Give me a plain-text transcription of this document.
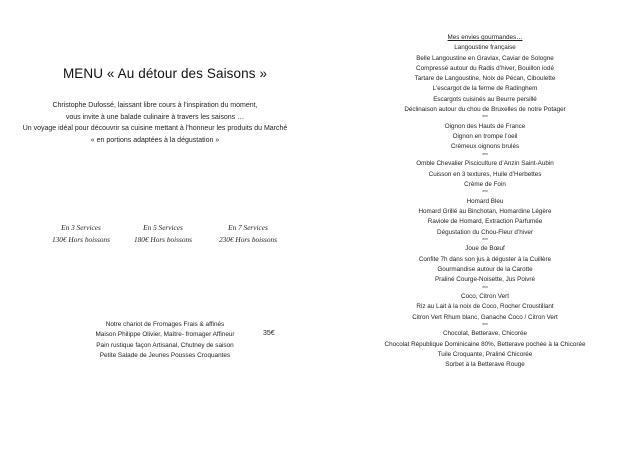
MENU « Au détour des Saisons »
Christophe Dufossé, laissant libre cours à l’inspiration du moment,
vous invite à une balade culinaire à travers les saisons …
Un voyage idéal pour découvrir sa cuisine mettant à l’honneur les produits du Marché
« en portions adaptées à la dégustation »
En 3 Services
130€ Hors boissons
En 5 Services
180€ Hors boissons
En 7 Services
230€ Hors boissons
Notre chariot de Fromages Frais & affinés
Maison Philippe Olivier, Maître- fromager Affineur
Pain rustique façon Artisanal, Chutney de saison
Petite Salade de Jeunes Pousses Croquantes
35€
Mes envies gourmandes…
Langoustine française
Belle Langoustine en Gravlax, Caviar de Sologne
Compressé autour du Radis d’hiver, Bouillon iodé
Tartare de Langoustine, Noix de Pécan, Ciboulette
L’escargot de la ferme de Radinghem
Escargots cuisinés au Beurre persillé
Déclinaison autour du chou de Bruxelles de notre Potager
***
Oignon des Hauts de France
Oignon en trompe l’oeil
Crémeux oignons brulés
***
Omble Chevalier Pisciculture d’Anzin Saint-Aubin
Cuisson en 3 textures, Huile d’Herbettes
Crème de Foin
***
Homard Bleu
Homard Grillé au Binchotan, Homardine Légère
Raviole de Homard, Extraction Parfumée
Dégustation du Chou-Fleur d’hiver
***
Joue de Bœuf
Confite 7h dans son jus à déguster à la Cuillère
Gourmandise autour de la Carotte
Praliné Courge-Noisette, Jus Poivré
***
Coco, Citron Vert
Riz au Lait à la noix de Coco, Rocher Croustillant
Citron Vert Rhum blanc, Ganache Coco / Citron Vert
***
Chocolat, Betterave, Chicorée
Chocolat République Dominicaine 80%, Betterave pochée à la Chicorée
Tuile Croquante, Praliné Chicorée
Sorbet à la Betterave Rouge
